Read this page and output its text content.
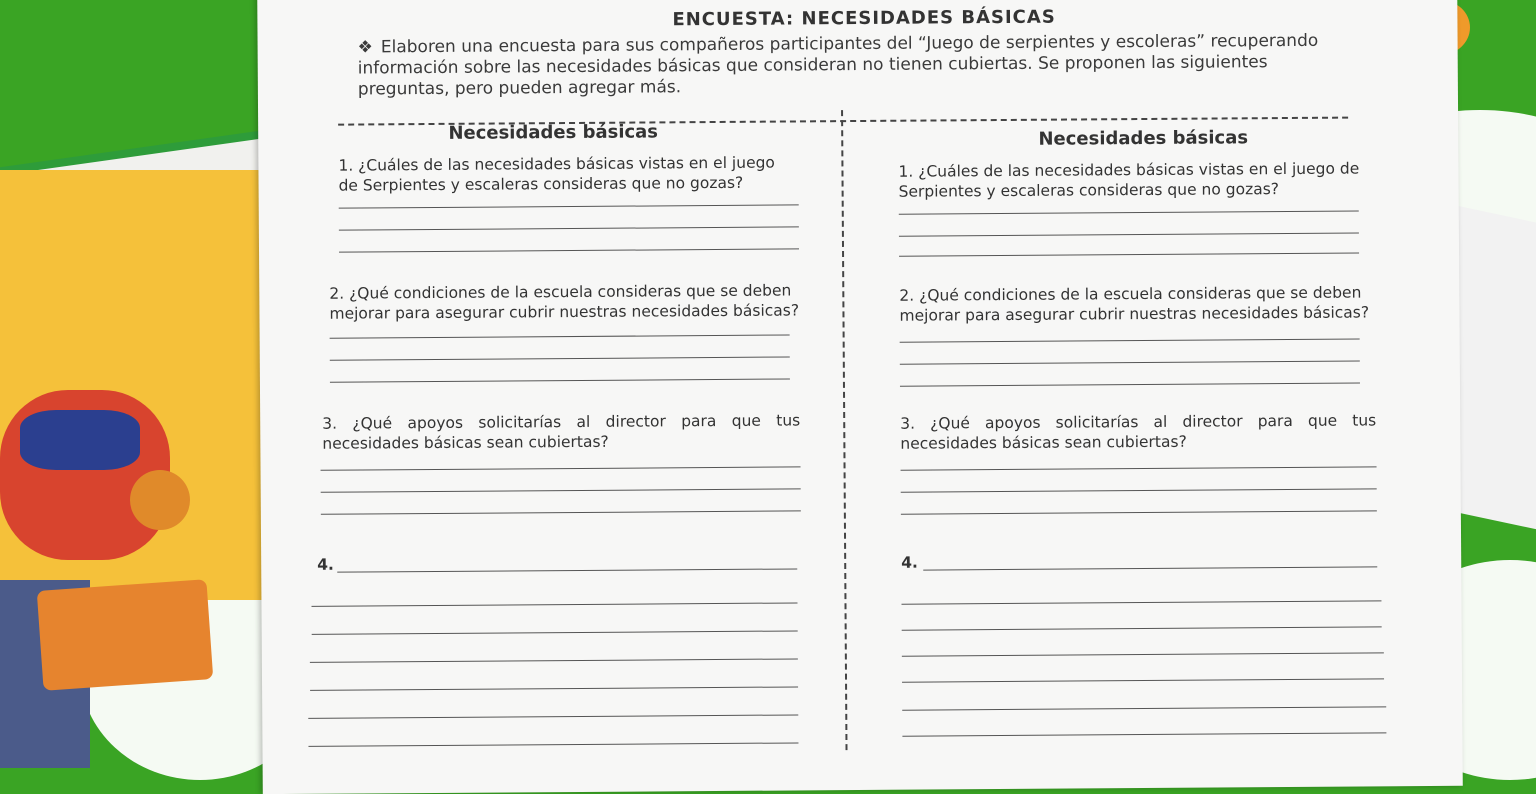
ENCUESTA: NECESIDADES BÁSICAS
❖ Elaboren una encuesta para sus compañeros participantes del “Juego de serpientes y escoleras” recuperando información sobre las necesidades básicas que consideran no tienen cubiertas. Se proponen las siguientes preguntas, pero pueden agregar más.
Necesidades básicas
1. ¿Cuáles de las necesidades básicas vistas en el juego de Serpientes y escaleras consideras que no gozas?
2. ¿Qué condiciones de la escuela consideras que se deben mejorar para asegurar cubrir nuestras necesidades básicas?
3. ¿Qué apoyos solicitarías al director para que tus necesidades básicas sean cubiertas?
4.
Necesidades básicas
1. ¿Cuáles de las necesidades básicas vistas en el juego de Serpientes y escaleras consideras que no gozas?
2. ¿Qué condiciones de la escuela consideras que se deben mejorar para asegurar cubrir nuestras necesidades básicas?
3. ¿Qué apoyos solicitarías al director para que tus necesidades básicas sean cubiertas?
4.
